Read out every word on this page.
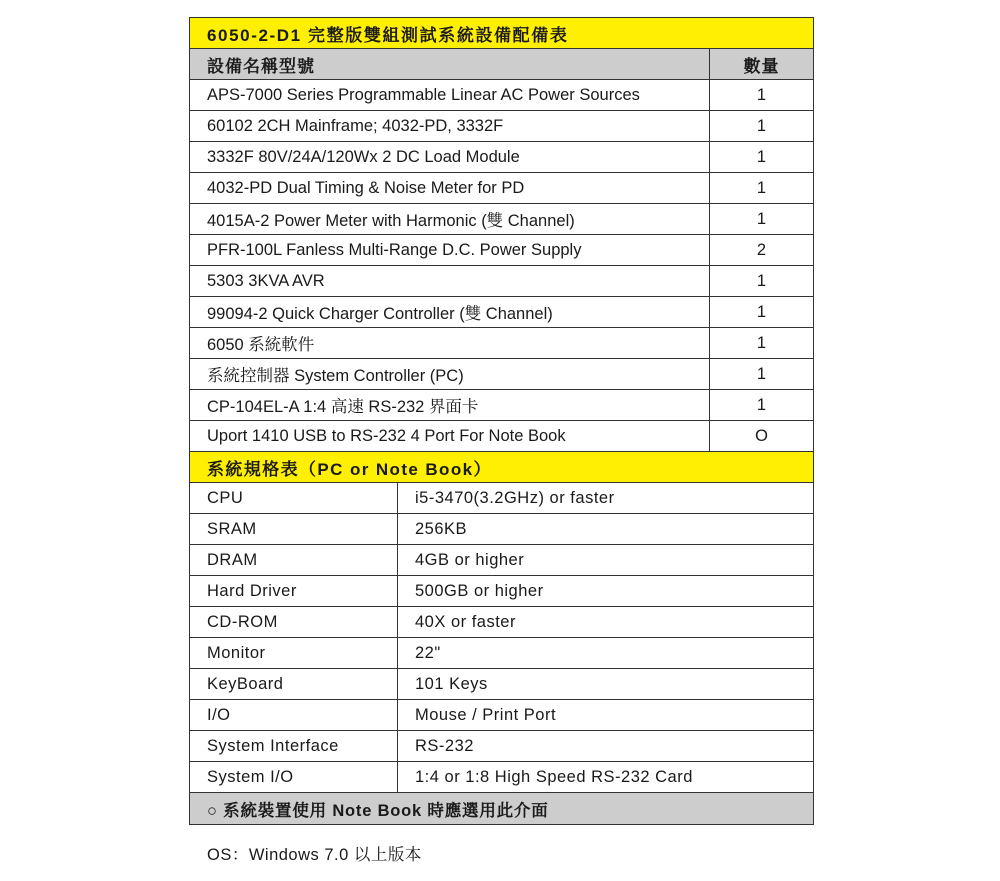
6050-2-D1 完整版雙組測試系統設備配備表
設備名稱型號	數量
APS-7000 Series Programmable Linear AC Power Sources	1
60102 2CH Mainframe; 4032-PD, 3332F	1
3332F 80V/24A/120Wx 2 DC Load Module	1
4032-PD Dual Timing & Noise Meter for PD	1
4015A-2 Power Meter with Harmonic (雙 Channel)	1
PFR-100L Fanless Multi-Range D.C. Power Supply	2
5303 3KVA AVR	1
99094-2 Quick Charger Controller (雙 Channel)	1
6050 系統軟件	1
系統控制器 System Controller (PC)	1
CP-104EL-A 1:4 高速 RS-232 界面卡	1
Uport 1410 USB to RS-232 4 Port For Note Book	O
系統規格表（PC or Note Book）
CPU	i5-3470(3.2GHz) or faster
SRAM	256KB
DRAM	4GB or higher
Hard Driver	500GB or higher
CD-ROM	40X or faster
Monitor	22"
KeyBoard	101 Keys
I/O	Mouse / Print Port
System Interface	RS-232
System I/O	1:4 or 1:8 High Speed RS-232 Card
○ 系統裝置使用 Note Book 時應選用此介面
OS：Windows 7.0 以上版本
